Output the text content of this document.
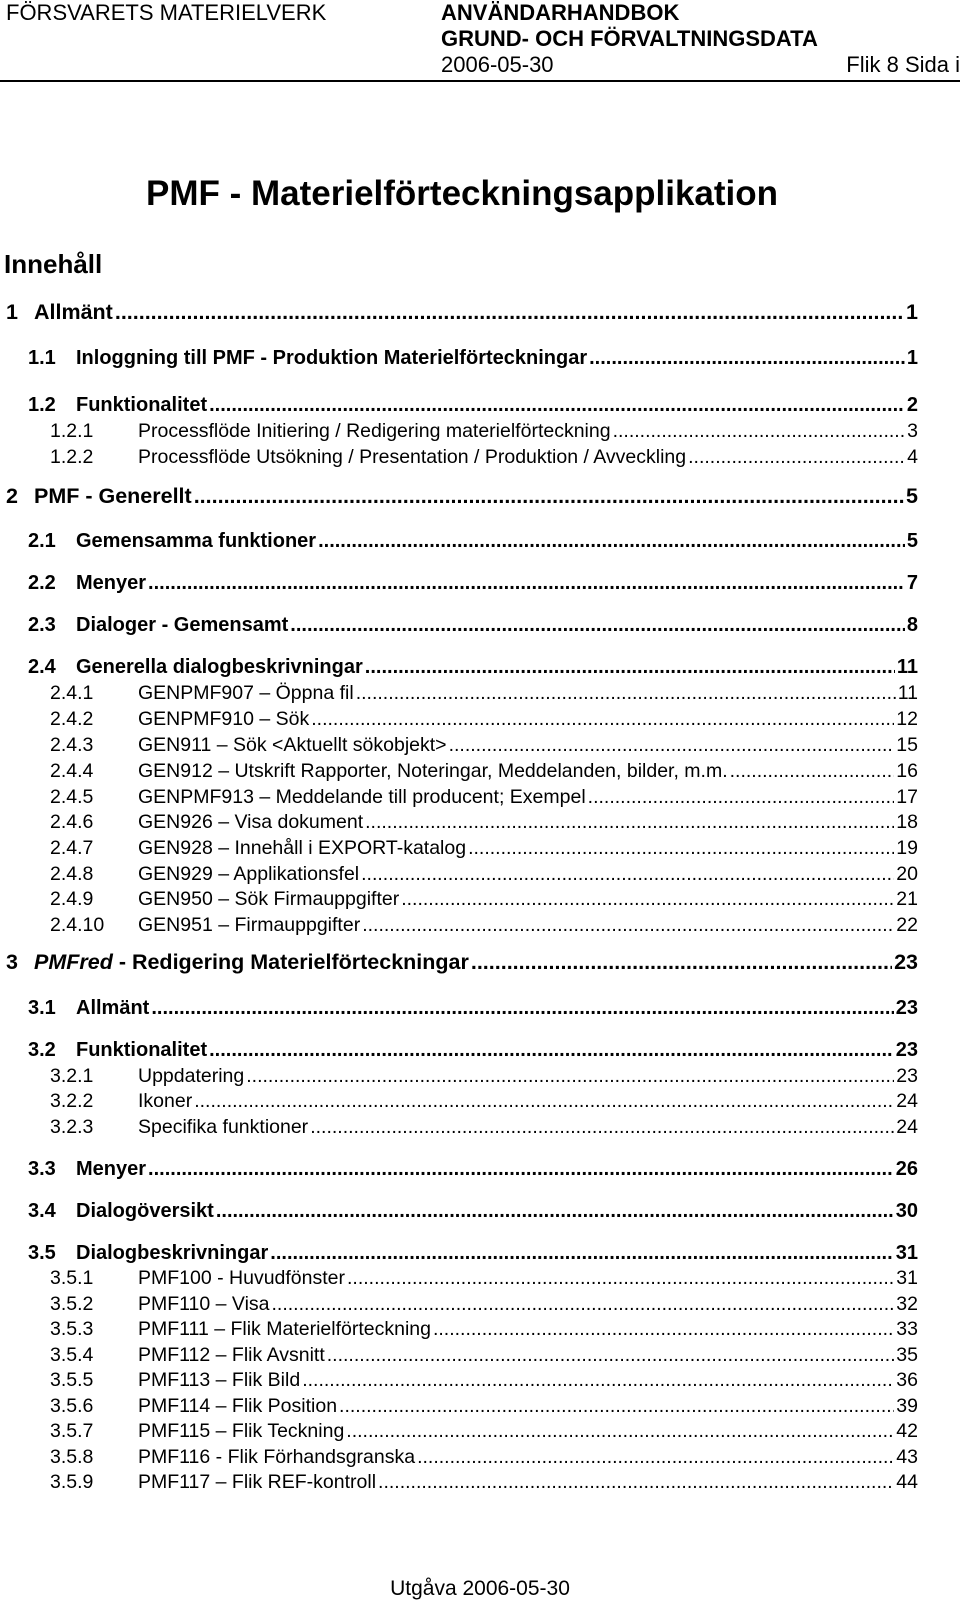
FÖRSVARETS MATERIELVERK	ANVÄNDARHANDBOK
GRUND- OCH FÖRVALTNINGSDATA
2006-05-30	Flik 8 Sida i
PMF - Materielförteckningsapplikation
Innehåll
1 Allmänt .....	1
1.1 Inloggning till PMF - Produktion Materielförteckningar .....	1
1.2 Funktionalitet .....	2
1.2.1 Processflöde Initiering / Redigering materielförteckning .....	3
1.2.2 Processflöde Utsökning / Presentation / Produktion / Avveckling .....	4
2 PMF - Generellt .....	5
2.1 Gemensamma funktioner .....	5
2.2 Menyer .....	7
2.3 Dialoger - Gemensamt .....	8
2.4 Generella dialogbeskrivningar .....	11
2.4.1 GENPMF907 – Öppna fil .....	11
2.4.2 GENPMF910 – Sök .....	12
2.4.3 GEN911 – Sök <Aktuellt sökobjekt> .....	15
2.4.4 GEN912 – Utskrift Rapporter, Noteringar, Meddelanden, bilder, m.m. .....	16
2.4.5 GENPMF913 – Meddelande till producent; Exempel .....	17
2.4.6 GEN926 – Visa dokument .....	18
2.4.7 GEN928 – Innehåll i EXPORT-katalog .....	19
2.4.8 GEN929 – Applikationsfel .....	20
2.4.9 GEN950 – Sök Firmauppgifter .....	21
2.4.10 GEN951 – Firmauppgifter .....	22
3 PMFred - Redigering Materielförteckningar .....	23
3.1 Allmänt .....	23
3.2 Funktionalitet .....	23
3.2.1 Uppdatering .....	23
3.2.2 Ikoner .....	24
3.2.3 Specifika funktioner .....	24
3.3 Menyer .....	26
3.4 Dialogöversikt .....	30
3.5 Dialogbeskrivningar .....	31
3.5.1 PMF100 - Huvudfönster .....	31
3.5.2 PMF110 – Visa .....	32
3.5.3 PMF111 – Flik Materielförteckning .....	33
3.5.4 PMF112 – Flik Avsnitt .....	35
3.5.5 PMF113 – Flik Bild .....	36
3.5.6 PMF114 – Flik Position .....	39
3.5.7 PMF115 – Flik Teckning .....	42
3.5.8 PMF116 - Flik Förhandsgranska .....	43
3.5.9 PMF117 – Flik REF-kontroll .....	44
Utgåva 2006-05-30
